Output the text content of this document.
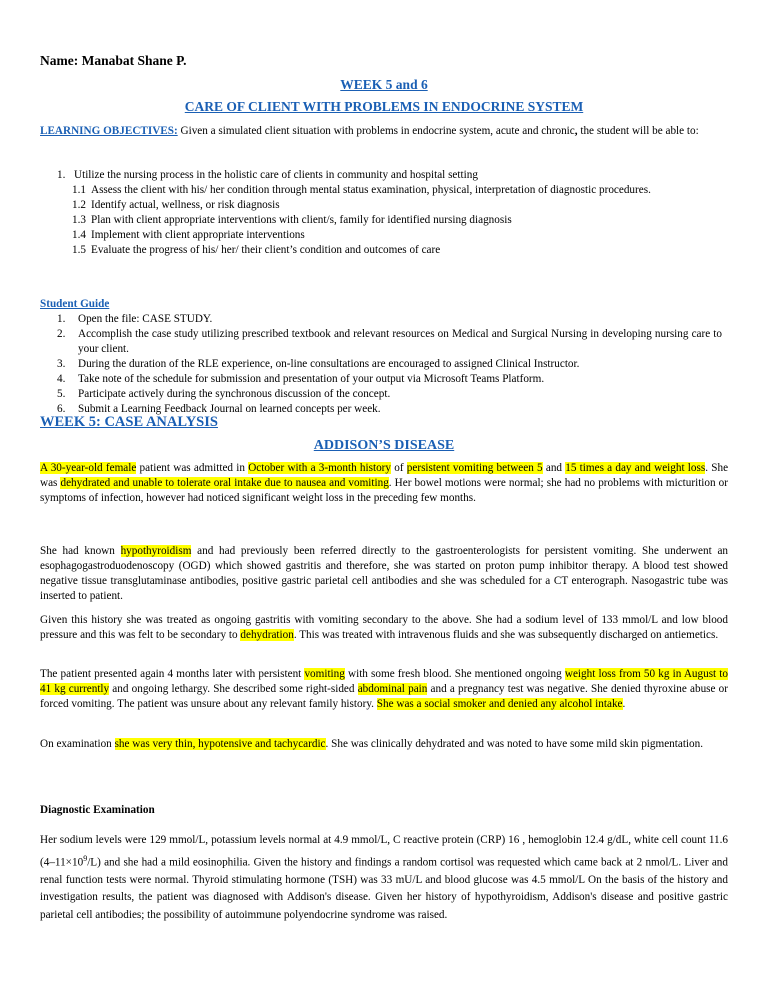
Name: Manabat Shane P.
WEEK 5 and 6
CARE OF CLIENT WITH PROBLEMS IN ENDOCRINE SYSTEM
LEARNING OBJECTIVES: Given a simulated client situation with problems in endocrine system, acute and chronic, the student will be able to:
1. Utilize the nursing process in the holistic care of clients in community and hospital setting
1.1 Assess the client with his/ her condition through mental status examination, physical, interpretation of diagnostic procedures.
1.2 Identify actual, wellness, or risk diagnosis
1.3 Plan with client appropriate interventions with client/s, family for identified nursing diagnosis
1.4 Implement with client appropriate interventions
1.5 Evaluate the progress of his/ her/ their client’s condition and outcomes of care
Student Guide
1.	Open the file: CASE STUDY.
2.	Accomplish the case study utilizing prescribed textbook and relevant resources on Medical and Surgical Nursing in developing nursing care to your client.
3.	During the duration of the RLE experience, on-line consultations are encouraged to assigned Clinical Instructor.
4.	Take note of the schedule for submission and presentation of your output via Microsoft Teams Platform.
5.	Participate actively during the synchronous discussion of the concept.
6.	Submit a Learning Feedback Journal on learned concepts per week.
WEEK 5: CASE ANALYSIS
ADDISON’S DISEASE
A 30-year-old female patient was admitted in October with a 3-month history of persistent vomiting between 5 and 15 times a day and weight loss. She was dehydrated and unable to tolerate oral intake due to nausea and vomiting. Her bowel motions were normal; she had no problems with micturition or symptoms of infection, however had noticed significant weight loss in the preceding few months.
She had known hypothyroidism and had previously been referred directly to the gastroenterologists for persistent vomiting. She underwent an esophagogastroduodenoscopy (OGD) which showed gastritis and therefore, she was started on proton pump inhibitor therapy. A blood test showed negative tissue transglutaminase antibodies, positive gastric parietal cell antibodies and she was scheduled for a CT enterograph. Nasogastric tube was inserted to patient.
Given this history she was treated as ongoing gastritis with vomiting secondary to the above. She had a sodium level of 133 mmol/L and low blood pressure and this was felt to be secondary to dehydration. This was treated with intravenous fluids and she was subsequently discharged on antiemetics.
The patient presented again 4 months later with persistent vomiting with some fresh blood. She mentioned ongoing weight loss from 50 kg in August to 41 kg currently and ongoing lethargy. She described some right-sided abdominal pain and a pregnancy test was negative. She denied thyroxine abuse or forced vomiting. The patient was unsure about any relevant family history. She was a social smoker and denied any alcohol intake.
On examination she was very thin, hypotensive and tachycardic. She was clinically dehydrated and was noted to have some mild skin pigmentation.
Diagnostic Examination
Her sodium levels were 129 mmol/L, potassium levels normal at 4.9 mmol/L, C reactive protein (CRP) 16 , hemoglobin 12.4 g/dL, white cell count 11.6 $(4-11\times 10^9/L)$ and she had a mild eosinophilia. Given the history and findings a random cortisol was requested which came back at 2 nmol/L. Liver and renal function tests were normal. Thyroid stimulating hormone (TSH) was 33 mU/L and blood glucose was 4.5 mmol/L On the basis of the history and investigation results, the patient was diagnosed with Addison's disease. Given her history of hypothyroidism, Addison's disease and positive gastric parietal cell antibodies; the possibility of autoimmune polyendocrine syndrome was raised.
